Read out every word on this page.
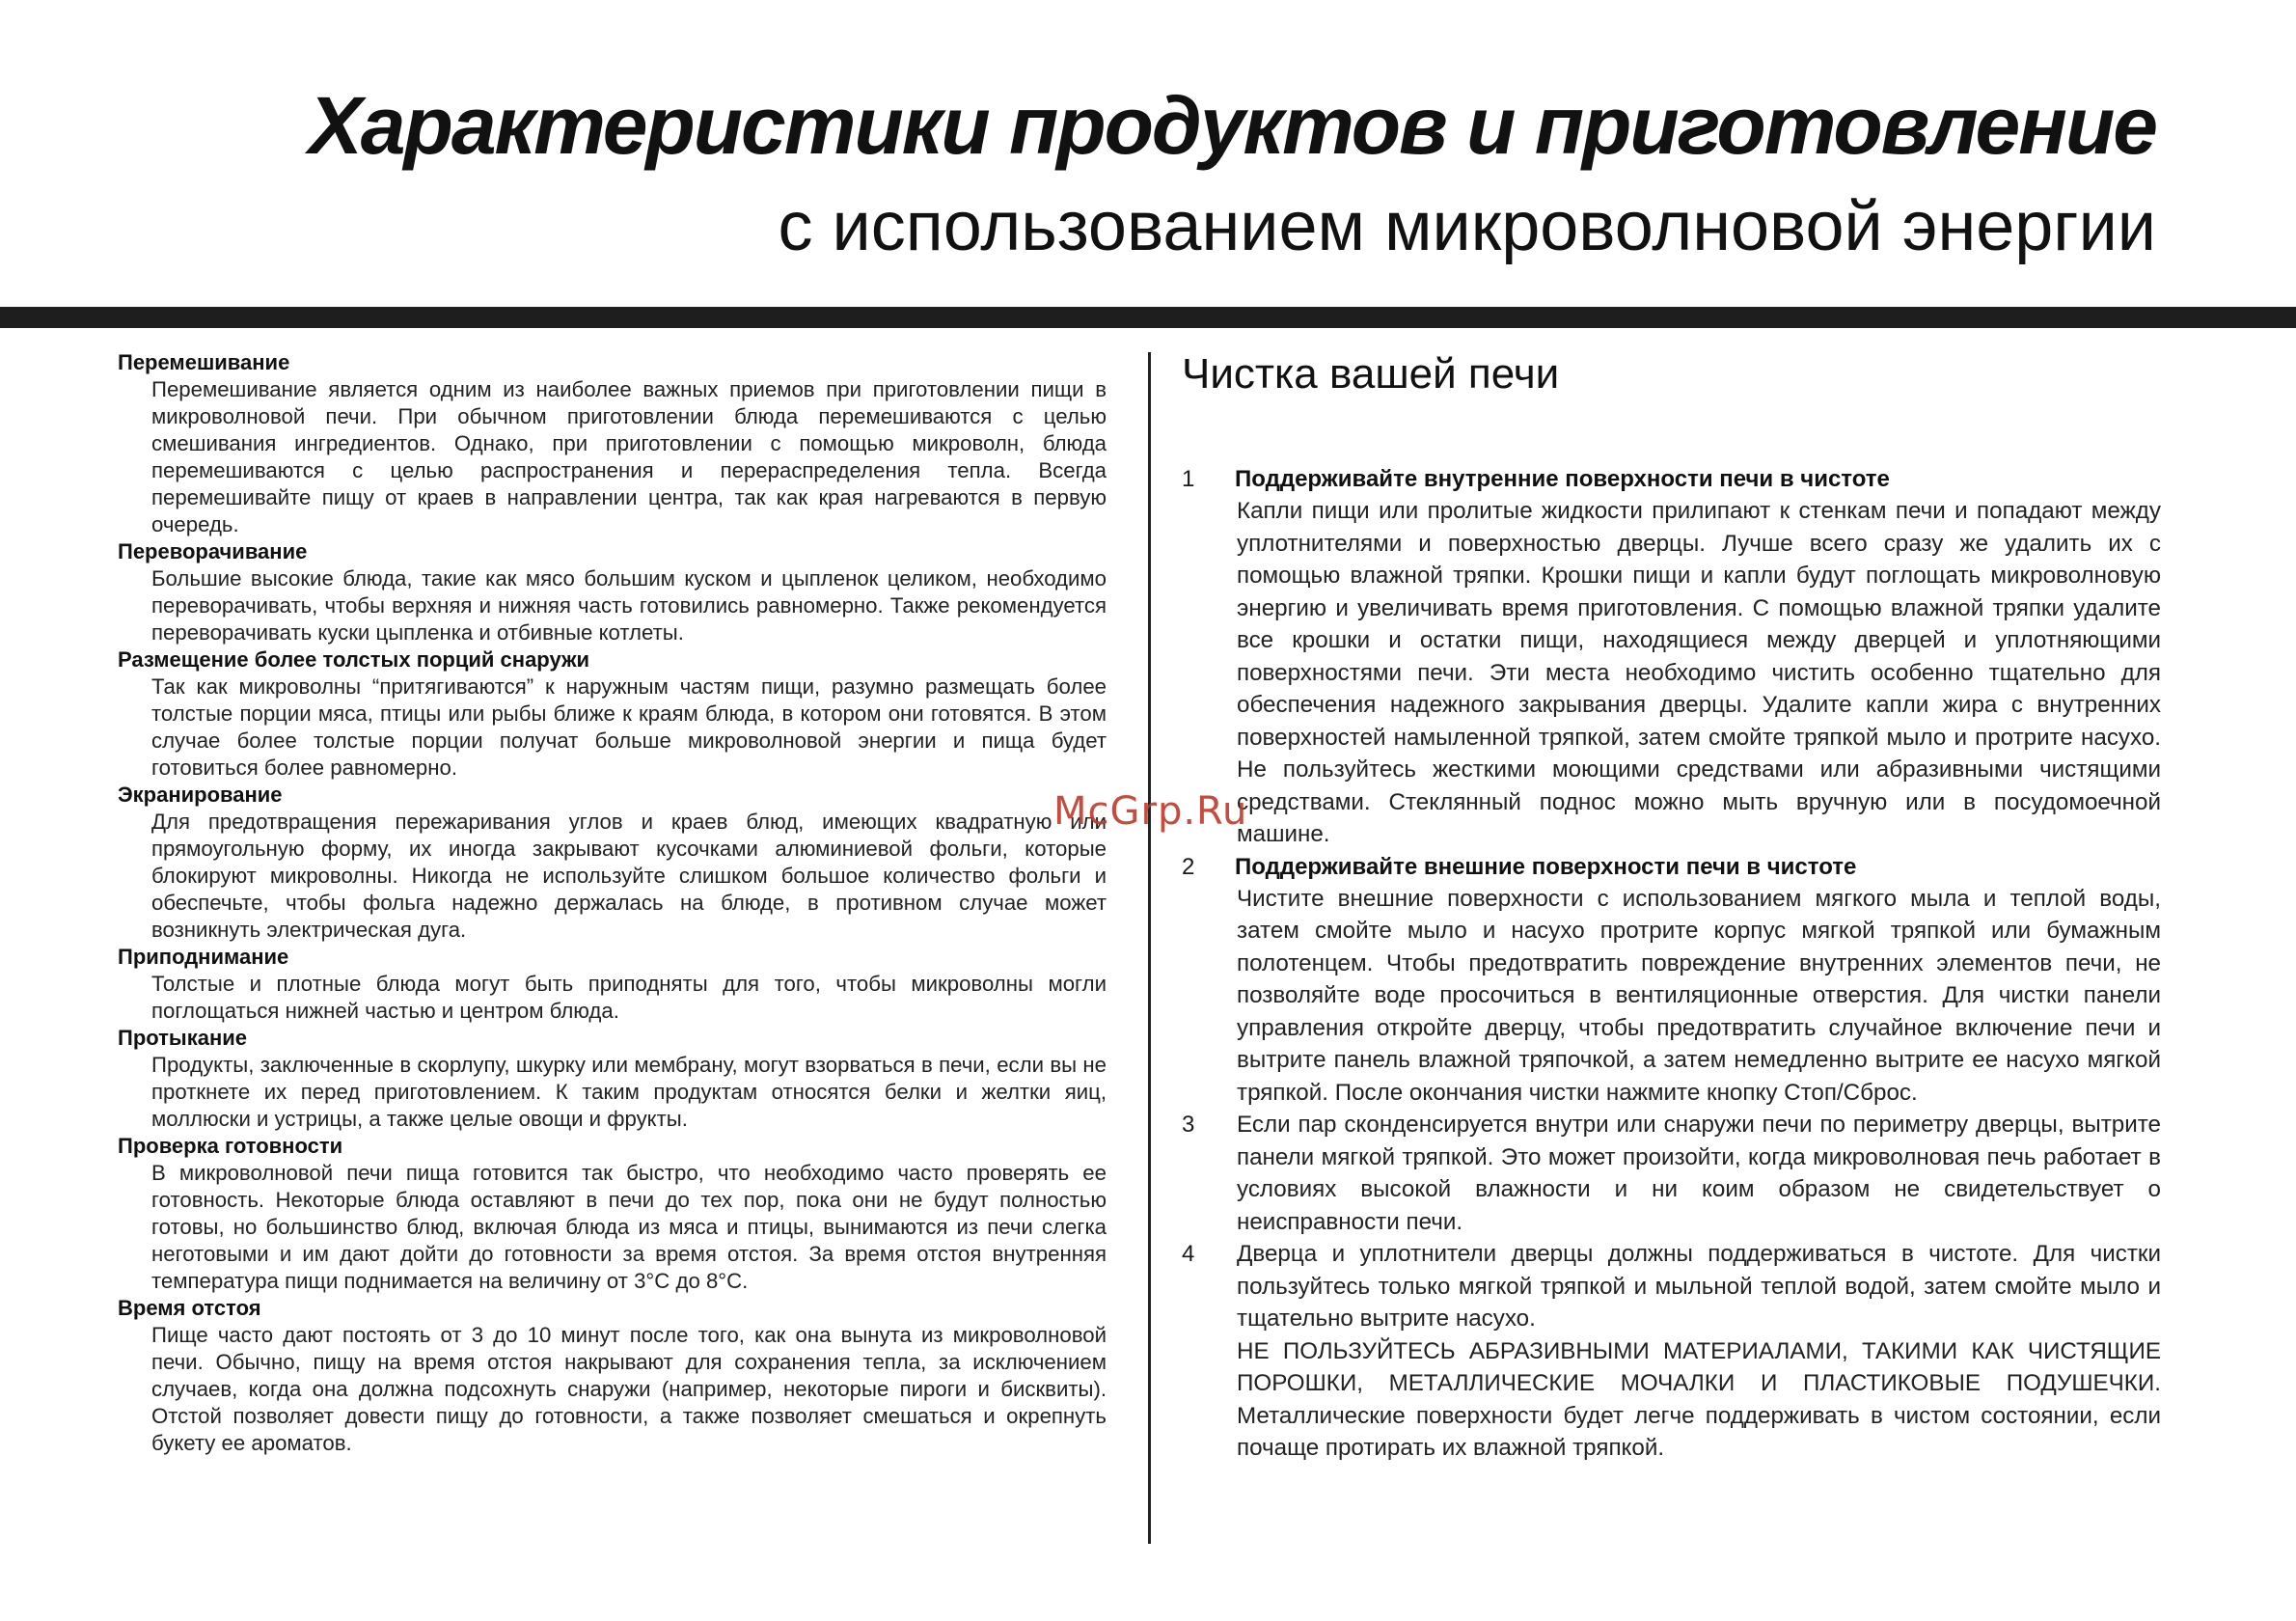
Характеристики продуктов и приготовление
с использованием микроволновой энергии
Перемешивание
Перемешивание является одним из наиболее важных приемов при приготовлении пищи в микроволновой печи. При обычном приготовлении блюда перемешиваются с целью смешивания ингредиентов. Однако, при приготовлении с помощью микроволн, блюда перемешиваются с целью распространения и перераспределения тепла. Всегда перемешивайте пищу от краев в направлении центра, так как края нагреваются в первую очередь.
Переворачивание
Большие высокие блюда, такие как мясо большим куском и цыпленок целиком, необходимо переворачивать, чтобы верхняя и нижняя часть готовились равномерно. Также рекомендуется переворачивать куски цыпленка и отбивные котлеты.
Размещение более толстых порций снаружи
Так как микроволны “притягиваются” к наружным частям пищи, разумно размещать более толстые порции мяса, птицы или рыбы ближе к краям блюда, в котором они готовятся. В этом случае более толстые порции получат больше микроволновой энергии и пища будет готовиться более равномерно.
Экранирование
Для предотвращения пережаривания углов и краев блюд, имеющих квадратную или прямоугольную форму, их иногда закрывают кусочками алюминиевой фольги, которые блокируют микроволны. Никогда не используйте слишком большое количество фольги и обеспечьте, чтобы фольга надежно держалась на блюде, в противном случае может возникнуть электрическая дуга.
Приподнимание
Толстые и плотные блюда могут быть приподняты для того, чтобы микроволны могли поглощаться нижней частью и центром блюда.
Протыкание
Продукты, заключенные в скорлупу, шкурку или мембрану, могут взорваться в печи, если вы не проткнете их перед приготовлением. К таким продуктам относятся белки и желтки яиц, моллюски и устрицы, а также целые овощи и фрукты.
Проверка готовности
В микроволновой печи пища готовится так быстро, что необходимо часто проверять ее готовность. Некоторые блюда оставляют в печи до тех пор, пока они не будут полностью готовы, но большинство блюд, включая блюда из мяса и птицы, вынимаются из печи слегка неготовыми и им дают дойти до готовности за время отстоя. За время отстоя внутренняя температура пищи поднимается на величину от 3°С до 8°С.
Время отстоя
Пище часто дают постоять от 3 до 10 минут после того, как она вынута из микроволновой печи. Обычно, пищу на время отстоя накрывают для сохранения тепла, за исключением случаев, когда она должна подсохнуть снаружи (например, некоторые пироги и бисквиты). Отстой позволяет довести пищу до готовности, а также позволяет смешаться и окрепнуть букету ее ароматов.
Чистка вашей печи
1	Поддерживайте внутренние поверхности печи в чистоте
Капли пищи или пролитые жидкости прилипают к стенкам печи и попадают между уплотнителями и поверхностью дверцы. Лучше всего сразу же удалить их с помощью влажной тряпки. Крошки пищи и капли будут поглощать микроволновую энергию и увеличивать время приготовления. С помощью влажной тряпки удалите все крошки и остатки пищи, находящиеся между дверцей и уплотняющими поверхностями печи. Эти места необходимо чистить особенно тщательно для обеспечения надежного закрывания дверцы. Удалите капли жира с внутренних поверхностей намыленной тряпкой, затем смойте тряпкой мыло и протрите насухо. Не пользуйтесь жесткими моющими средствами или абразивными чистящими средствами. Стеклянный поднос можно мыть вручную или в посудомоечной машине.
2	Поддерживайте внешние поверхности печи в чистоте
Чистите внешние поверхности с использованием мягкого мыла и теплой воды, затем смойте мыло и насухо протрите корпус мягкой тряпкой или бумажным полотенцем. Чтобы предотвратить повреждение внутренних элементов печи, не позволяйте воде просочиться в вентиляционные отверстия. Для чистки панели управления откройте дверцу, чтобы предотвратить случайное включение печи и вытрите панель влажной тряпочкой, а затем немедленно вытрите ее насухо мягкой тряпкой. После окончания чистки нажмите кнопку Стоп/Сброс.
3	Если пар сконденсируется внутри или снаружи печи по периметру дверцы, вытрите панели мягкой тряпкой. Это может произойти, когда микроволновая печь работает в условиях высокой влажности и ни коим образом не свидетельствует о неисправности печи.
4	Дверца и уплотнители дверцы должны поддерживаться в чистоте. Для чистки пользуйтесь только мягкой тряпкой и мыльной теплой водой, затем смойте мыло и тщательно вытрите насухо.
НЕ ПОЛЬЗУЙТЕСЬ АБРАЗИВНЫМИ МАТЕРИАЛАМИ, ТАКИМИ КАК ЧИСТЯЩИЕ ПОРОШКИ, МЕТАЛЛИЧЕСКИЕ МОЧАЛКИ И ПЛАСТИКОВЫЕ ПОДУШЕЧКИ. Металлические поверхности будет легче поддерживать в чистом состоянии, если почаще протирать их влажной тряпкой.
McGrp.Ru
